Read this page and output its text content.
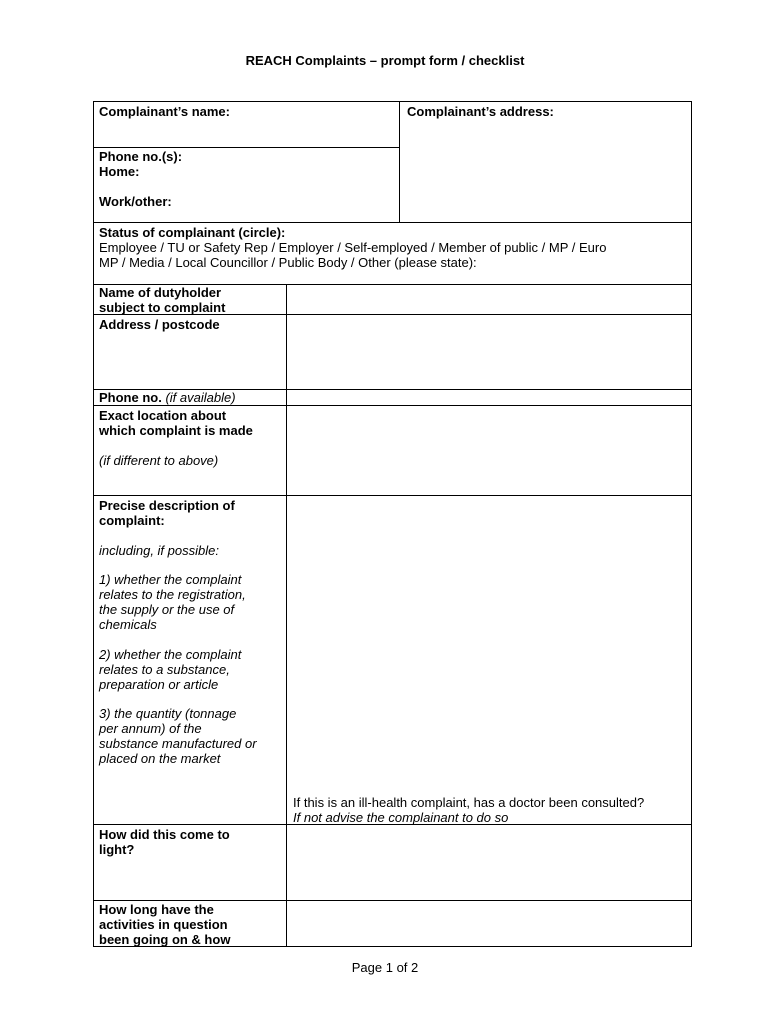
REACH Complaints – prompt form / checklist

Complainant’s name:	Complainant’s address:

Phone no.(s):

Home:

Work/other:

Status of complainant (circle):

Employee / TU or Safety Rep / Employer / Self-employed / Member of public / MP / Euro

MP / Media / Local Councillor / Public Body / Other (please state):

Name of dutyholder

subject to complaint

Address / postcode

Phone no. (if available)

Exact location about

which complaint is made

(if different to above)

Precise description of

complaint:

including, if possible:

1) whether the complaint

relates to the registration,

the supply or the use of

chemicals

2) whether the complaint

relates to a substance,

preparation or article

3) the quantity (tonnage

per annum) of the

substance manufactured or

placed on the market

If this is an ill-health complaint, has a doctor been consulted?

If not advise the complainant to do so

How did this come to

light?

How long have the

activities in question

been going on & how

Page 1 of 2
